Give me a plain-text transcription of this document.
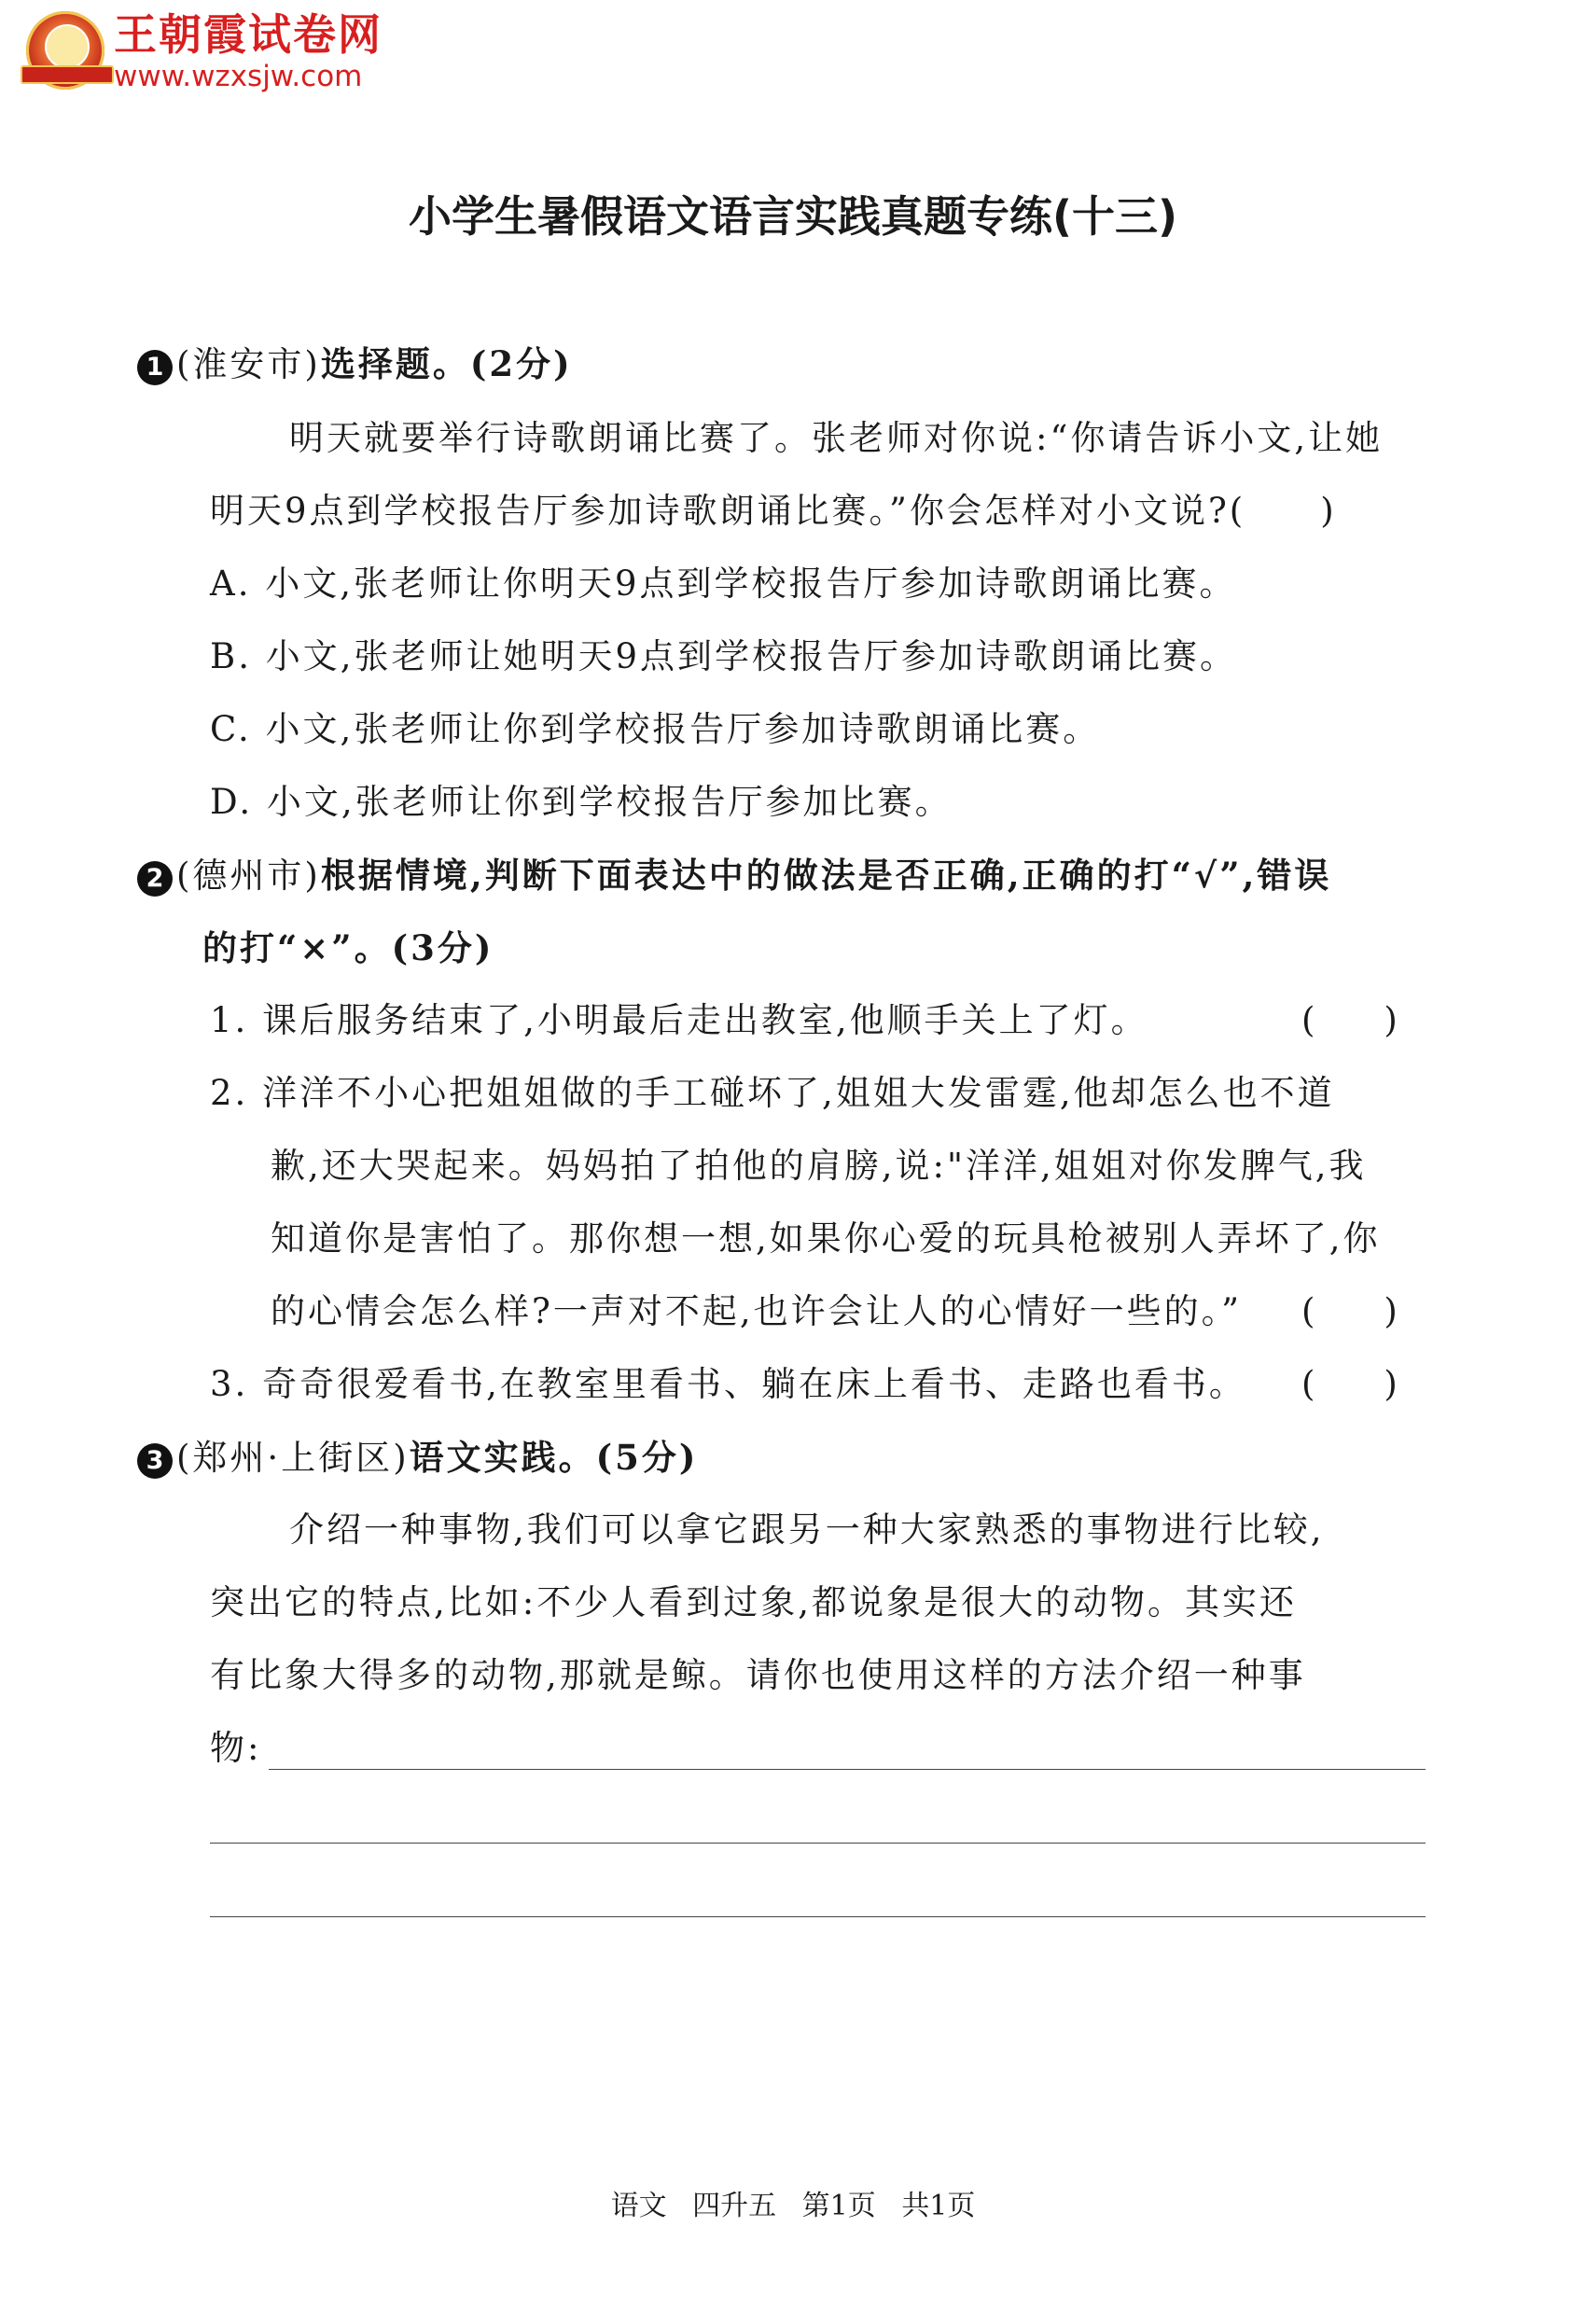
王朝霞试卷网
www.wzxsjw.com
小学生暑假语文语言实践真题专练(十三)
1 (淮安市)选择题。(2分)
明天就要举行诗歌朗诵比赛了。张老师对你说:“你请告诉小文,让她
明天9点到学校报告厅参加诗歌朗诵比赛。”你会怎样对小文说?(　　)
A. 小文,张老师让你明天9点到学校报告厅参加诗歌朗诵比赛。
B. 小文,张老师让她明天9点到学校报告厅参加诗歌朗诵比赛。
C. 小文,张老师让你到学校报告厅参加诗歌朗诵比赛。
D. 小文,张老师让你到学校报告厅参加比赛。
2 (德州市)根据情境,判断下面表达中的做法是否正确,正确的打“√”,错误
的打“×”。(3分)
1. 课后服务结束了,小明最后走出教室,他顺手关上了灯。	(　　)
2. 洋洋不小心把姐姐做的手工碰坏了,姐姐大发雷霆,他却怎么也不道
歉,还大哭起来。妈妈拍了拍他的肩膀,说:"洋洋,姐姐对你发脾气,我
知道你是害怕了。那你想一想,如果你心爱的玩具枪被别人弄坏了,你
的心情会怎么样?一声对不起,也许会让人的心情好一些的。” (　　)
3. 奇奇很爱看书,在教室里看书、躺在床上看书、走路也看书。 (　　)
3 (郑州·上街区)语文实践。(5分)
介绍一种事物,我们可以拿它跟另一种大家熟悉的事物进行比较,
突出它的特点,比如:不少人看到过象,都说象是很大的动物。其实还
有比象大得多的动物,那就是鲸。请你也使用这样的方法介绍一种事
物:
语文 四升五 第1页 共1页
